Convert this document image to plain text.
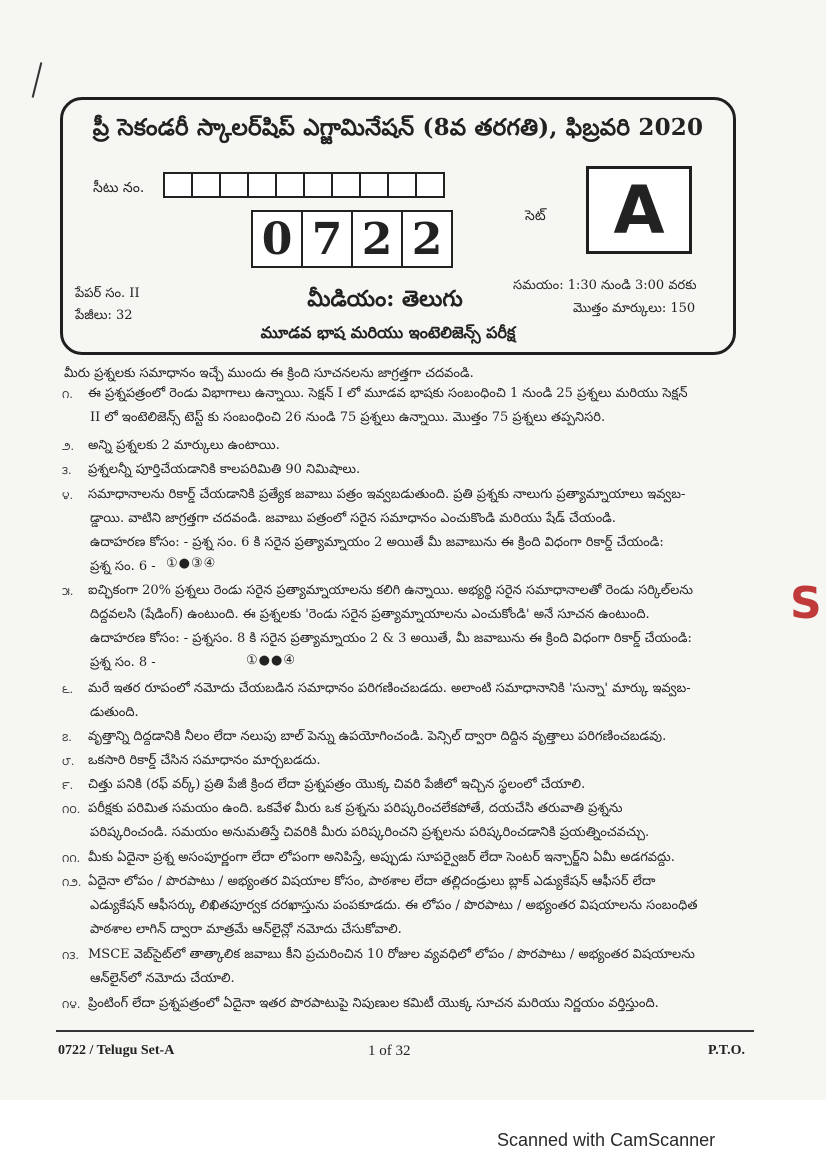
ప్రీ సెకండరీ స్కాలర్‌షిప్ ఎగ్జామినేషన్ (8వ తరగతి), ఫిబ్రవరి 2020
సీటు నం.
0 7 2 2	సెట్	A
పేపర్ సం. II
పేజీలు: 32
మీడియం: తెలుగు
మూడవ భాష మరియు ఇంటెలిజెన్స్ పరీక్ష
సమయం: 1:30 నుండి 3:00 వరకు
మొత్తం మార్కులు: 150
మీరు ప్రశ్నలకు సమాధానం ఇచ్చే ముందు ఈ క్రింది సూచనలను జాగ్రత్తగా చదవండి.
౧.	ఈ ప్రశ్నపత్రంలో రెండు విభాగాలు ఉన్నాయి. సెక్షన్ I లో మూడవ భాషకు సంబంధించి 1 నుండి 25 ప్రశ్నలు మరియు సెక్షన్
II లో ఇంటెలిజెన్స్ టెస్ట్ కు సంబంధించి 26 నుండి 75 ప్రశ్నలు ఉన్నాయి. మొత్తం 75 ప్రశ్నలు తప్పనిసరి.
౨.	అన్ని ప్రశ్నలకు 2 మార్కులు ఉంటాయి.
౩.	ప్రశ్నలన్నీ పూర్తిచేయడానికి కాలపరిమితి 90 నిమిషాలు.
౪.	సమాధానాలను రికార్డ్ చేయడానికి ప్రత్యేక జవాబు పత్రం ఇవ్వబడుతుంది. ప్రతి ప్రశ్నకు నాలుగు ప్రత్యామ్నాయాలు ఇవ్వబ-
డ్డాయి. వాటిని జాగ్రత్తగా చదవండి. జవాబు పత్రంలో సరైన సమాధానం ఎంచుకొండి మరియు షేడ్ చేయండి.
ఉదాహరణ కోసం: - ప్రశ్న సం. 6 కి సరైన ప్రత్యామ్నాయం 2 అయితే మీ జవాబును ఈ క్రింది విధంగా రికార్డ్ చేయండి:
ప్రశ్న సం. 6 -
౫.	ఐచ్ఛికంగా 20% ప్రశ్నలు రెండు సరైన ప్రత్యామ్నాయాలను కలిగి ఉన్నాయి. అభ్యర్థి సరైన సమాధానాలతో రెండు సర్కిల్‌లను
దిద్దవలసి (షేడింగ్) ఉంటుంది. ఈ ప్రశ్నలకు 'రెండు సరైన ప్రత్యామ్నాయాలను ఎంచుకోండి' అనే సూచన ఉంటుంది.
ఉదాహరణ కోసం: - ప్రశ్నసం. 8 కి సరైన ప్రత్యామ్నాయం 2 & 3 అయితే, మీ జవాబును ఈ క్రింది విధంగా రికార్డ్ చేయండి:
ప్రశ్న సం. 8 -
౬.	మరే ఇతర రూపంలో నమోదు చేయబడిన సమాధానం పరిగణించబడదు. అలాంటి సమాధానానికి 'సున్నా' మార్కు ఇవ్వబ-
డుతుంది.
౭.	వృత్తాన్ని దిద్దడానికి నీలం లేదా నలుపు బాల్ పెన్ను ఉపయోగించండి. పెన్సిల్ ద్వారా దిద్దిన వృత్తాలు పరిగణించబడవు.
౮.	ఒకసారి రికార్డ్ చేసిన సమాధానం మార్చబడదు.
౯.	చిత్తు పనికి (రఫ్ వర్క్) ప్రతి పేజీ క్రింద లేదా ప్రశ్నపత్రం యొక్క చివరి పేజీలో ఇచ్చిన స్థలంలో చేయాలి.
౧౦. పరీక్షకు పరిమిత సమయం ఉంది. ఒకవేళ మీరు ఒక ప్రశ్నను పరిష్కరించలేకపోతే, దయచేసి తరువాతి ప్రశ్నను
పరిష్కరించండి. సమయం అనుమతిస్తే చివరికి మీరు పరిష్కరించని ప్రశ్నలను పరిష్కరించడానికి ప్రయత్నించవచ్చు.
౧౧. మీకు ఏదైనా ప్రశ్న అసంపూర్ణంగా లేదా లోపంగా అనిపిస్తే, అప్పుడు సూపర్వైజర్ లేదా సెంటర్ ఇన్చార్జ్‌ని ఏమీ అడగవద్దు.
౧౨. ఏదైనా లోపం / పొరపాటు / అభ్యంతర విషయాల కోసం, పాఠశాల లేదా తల్లిదండ్రులు బ్లాక్ ఎడ్యుకేషన్ ఆఫీసర్ లేదా
ఎడ్యుకేషన్ ఆఫీసర్కు లిఖితపూర్వక దరఖాస్తును పంపకూడదు. ఈ లోపం / పొరపాటు / అభ్యంతర విషయాలను సంబంధిత
పాఠశాల లాగిన్ ద్వారా మాత్రమే ఆన్‌లైన్లో నమోదు చేసుకోవాలి.
౧౩. MSCE వెబ్‌సైట్‌లో తాత్కాలిక జవాబు కీని ప్రచురించిన 10 రోజుల వ్యవధిలో లోపం / పొరపాటు / అభ్యంతర విషయాలను
ఆన్‌లైన్‌లో నమోదు చేయాలి.
౧౪. ప్రింటింగ్ లేదా ప్రశ్నపత్రంలో ఏదైనా ఇతర పొరపాటుపై నిపుణుల కమిటీ యొక్క సూచన మరియు నిర్ణయం వర్తిస్తుంది.
①●③④
①●●④
0722 / Telugu Set-A	1 of 32	P.T.O.
S
Scanned with CamScanner
